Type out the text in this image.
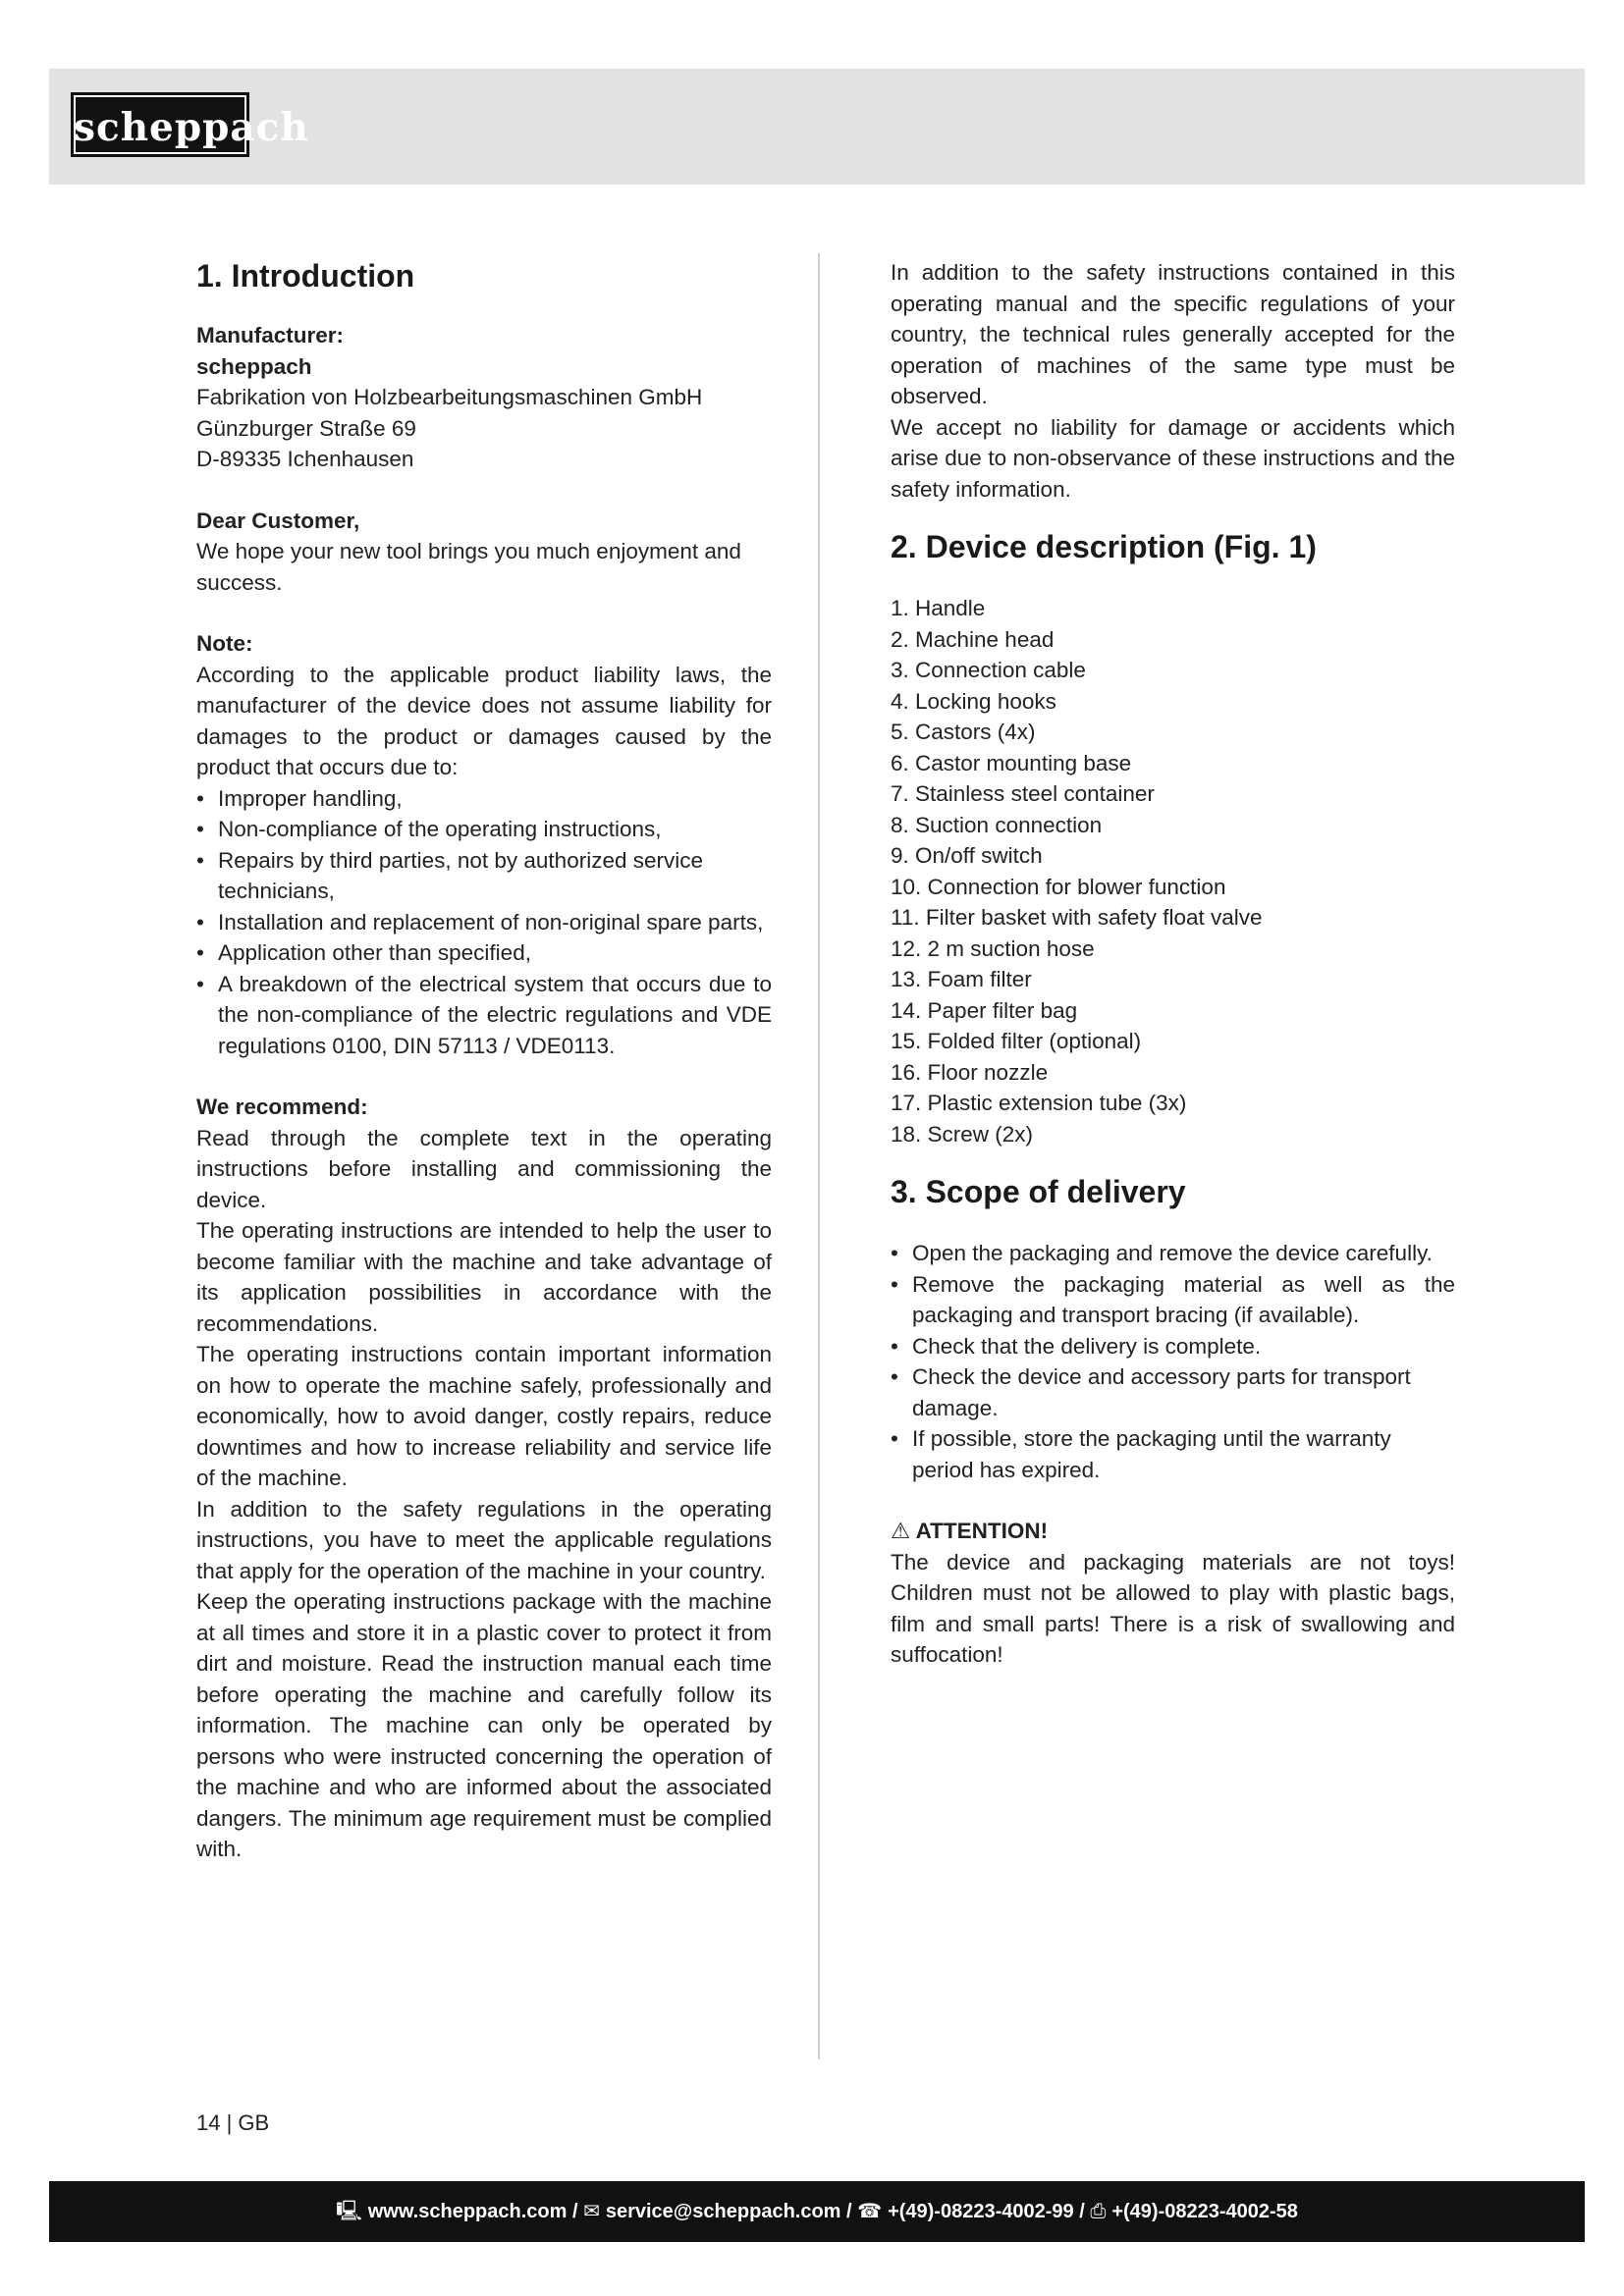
scheppach
1. Introduction

Manufacturer:

scheppach

Fabrikation von Holzbearbeitungsmaschinen GmbH

Günzburger Straße 69

D-89335 Ichenhausen

Dear Customer,

We hope your new tool brings you much enjoyment and success.

Note:

According to the applicable product liability laws, the manufacturer of the device does not assume liability for damages to the product or damages caused by the product that occurs due to:

• Improper handling,
• Non-compliance of the operating instructions,
• Repairs by third parties, not by authorized service technicians,
• Installation and replacement of non-original spare parts,
• Application other than specified,
• A breakdown of the electrical system that occurs due to the non-compliance of the electric regulations and VDE regulations 0100, DIN 57113 / VDE0113.

We recommend:

Read through the complete text in the operating instructions before installing and commissioning the device.

The operating instructions are intended to help the user to become familiar with the machine and take advantage of its application possibilities in accordance with the recommendations.

The operating instructions contain important information on how to operate the machine safely, professionally and economically, how to avoid danger, costly repairs, reduce downtimes and how to increase reliability and service life of the machine.

In addition to the safety regulations in the operating instructions, you have to meet the applicable regulations that apply for the operation of the machine in your country.

Keep the operating instructions package with the machine at all times and store it in a plastic cover to protect it from dirt and moisture. Read the instruction manual each time before operating the machine and carefully follow its information. The machine can only be operated by persons who were instructed concerning the operation of the machine and who are informed about the associated dangers. The minimum age requirement must be complied with.

In addition to the safety instructions contained in this operating manual and the specific regulations of your country, the technical rules generally accepted for the operation of machines of the same type must be observed.

We accept no liability for damage or accidents which arise due to non-observance of these instructions and the safety information.

2. Device description (Fig. 1)
1. Handle
2. Machine head
3. Connection cable
4. Locking hooks
5. Castors (4x)
6. Castor mounting base
7. Stainless steel container
8. Suction connection
9. On/off switch
10. Connection for blower function
11. Filter basket with safety float valve
12. 2 m suction hose
13. Foam filter
14. Paper filter bag
15. Folded filter (optional)
16. Floor nozzle
17. Plastic extension tube (3x)
18. Screw (2x)
3. Scope of delivery
• Open the packaging and remove the device carefully.
• Remove the packaging material as well as the packaging and transport bracing (if available).
• Check that the delivery is complete.
• Check the device and accessory parts for transport damage.
• If possible, store the packaging until the warranty period has expired.

⚠ ATTENTION!

The device and packaging materials are not toys! Children must not be allowed to play with plastic bags, film and small parts! There is a risk of swallowing and suffocation!

14 | GB
🖳 www.scheppach.com / ✉ service@scheppach.com / ☎ +(49)-08223-4002-99 / ⎙ +(49)-08223-4002-58
